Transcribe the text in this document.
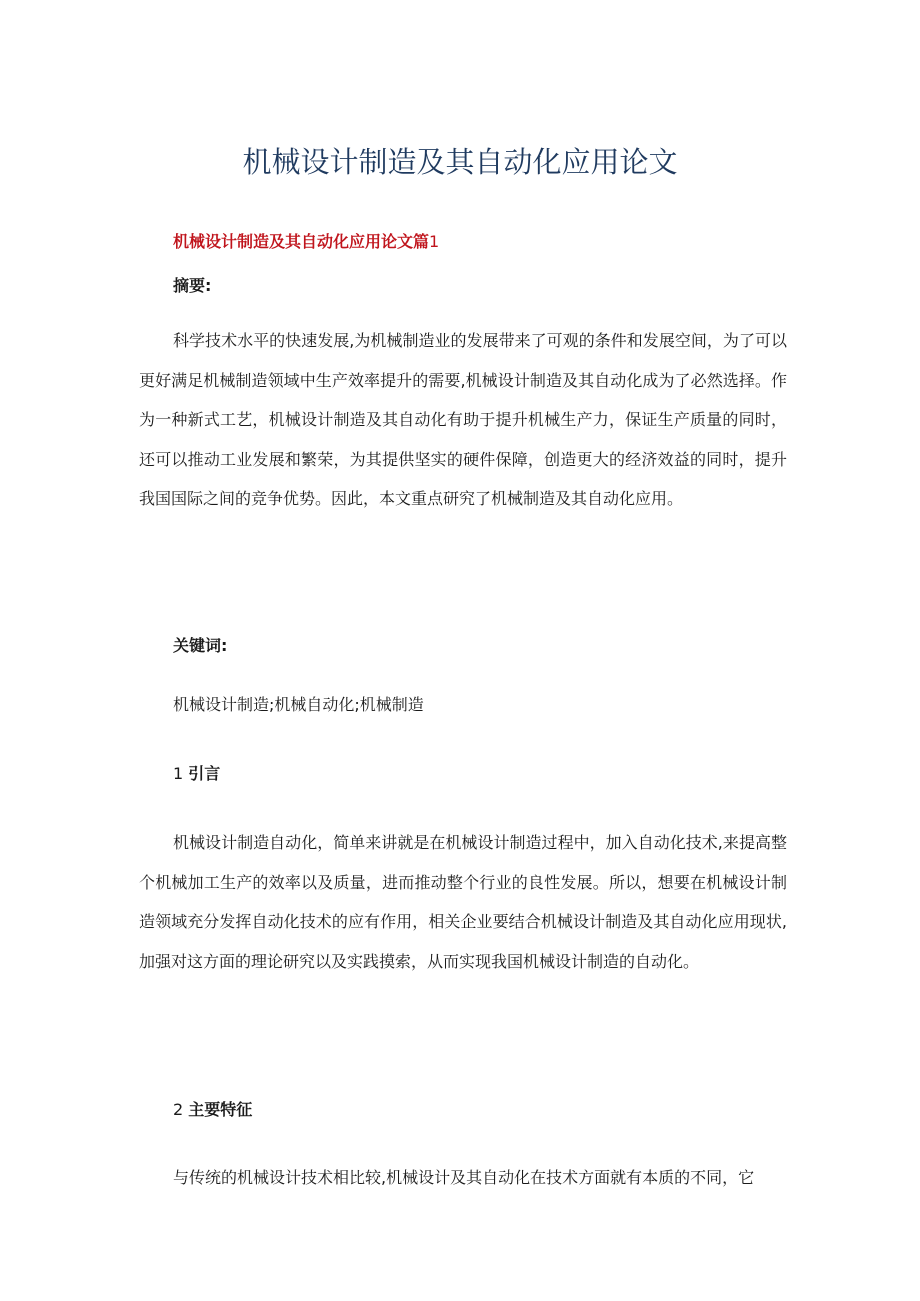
机械设计制造及其自动化应用论文
机械设计制造及其自动化应用论文篇1
摘要:

科学技术水平的快速发展,为机械制造业的发展带来了可观的条件和发展空间，为了可以更好满足机械制造领域中生产效率提升的需要,机械设计制造及其自动化成为了必然选择。作为一种新式工艺，机械设计制造及其自动化有助于提升机械生产力，保证生产质量的同时，还可以推动工业发展和繁荣，为其提供坚实的硬件保障，创造更大的经济效益的同时，提升我国国际之间的竞争优势。因此，本文重点研究了机械制造及其自动化应用。

关键词:
机械设计制造;机械自动化;机械制造
1 引言

机械设计制造自动化，简单来讲就是在机械设计制造过程中，加入自动化技术,来提高整个机械加工生产的效率以及质量，进而推动整个行业的良性发展。所以，想要在机械设计制造领域充分发挥自动化技术的应有作用，相关企业要结合机械设计制造及其自动化应用现状,加强对这方面的理论研究以及实践摸索，从而实现我国机械设计制造的自动化。

2 主要特征

与传统的机械设计技术相比较,机械设计及其自动化在技术方面就有本质的不同，它
